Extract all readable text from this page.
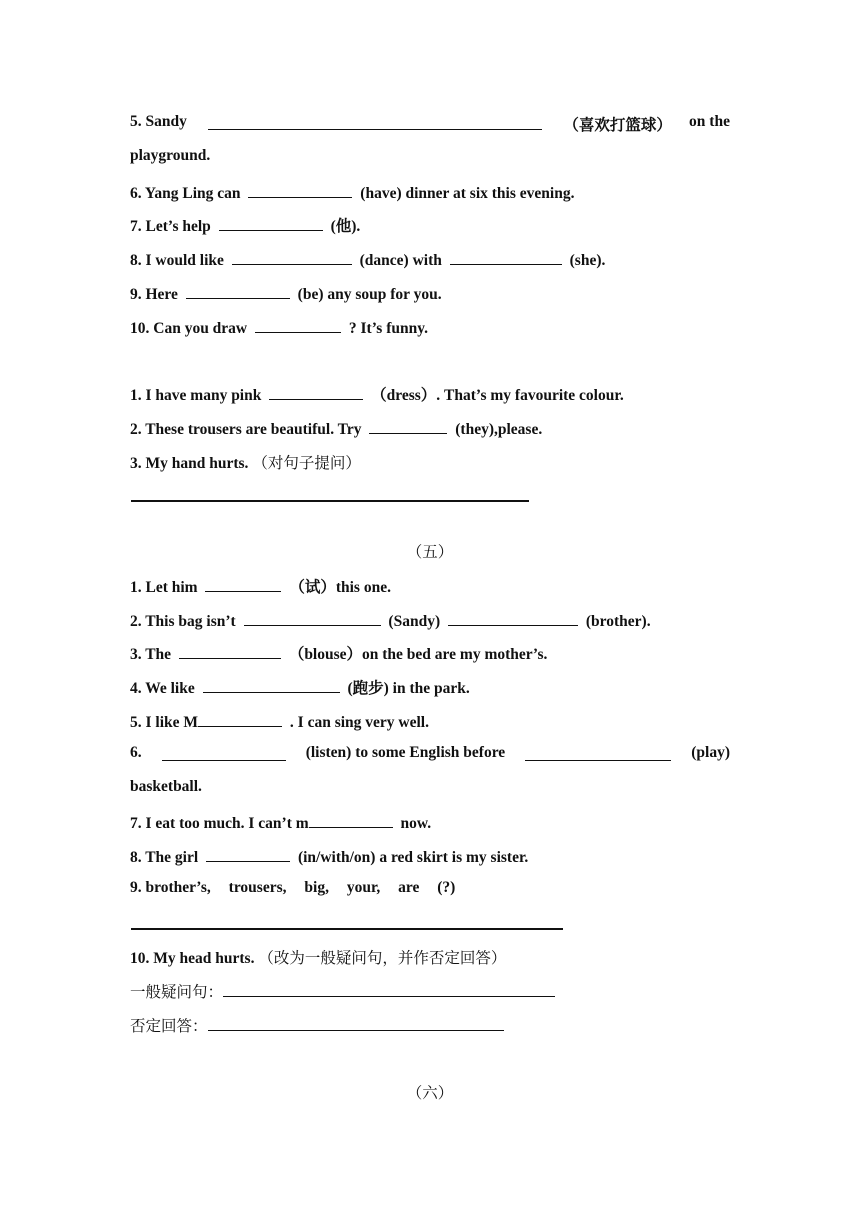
5. Sandy	（喜欢打篮球） on the
playground.
6. Yang Ling can	(have) dinner at six this evening.
7. Let’s help	(他).
8. I would like	(dance) with	(she).
9. Here	(be) any soup for you.
10. Can you draw	? It’s funny.
1. I have many pink	（dress）. That’s my favourite colour.
2. These trousers are beautiful. Try	(they),please.
3. My hand hurts. （对句子提问）
（五）
1. Let him	（试）this one.
2. This bag isn’t	(Sandy)	(brother).
3. The	（blouse）on the bed are my mother’s.
4. We like	(跑步) in the park.
5. I like M	. I can sing very well.
6.	(listen) to some English before	(play)
basketball.
7. I eat too much. I can’t m	now.
8. The girl	(in/with/on) a red skirt is my sister.
9. brother’s, trousers, big, your, are (?)
10. My head hurts. （改为一般疑问句，并作否定回答）
一般疑问句：
否定回答：
（六）
